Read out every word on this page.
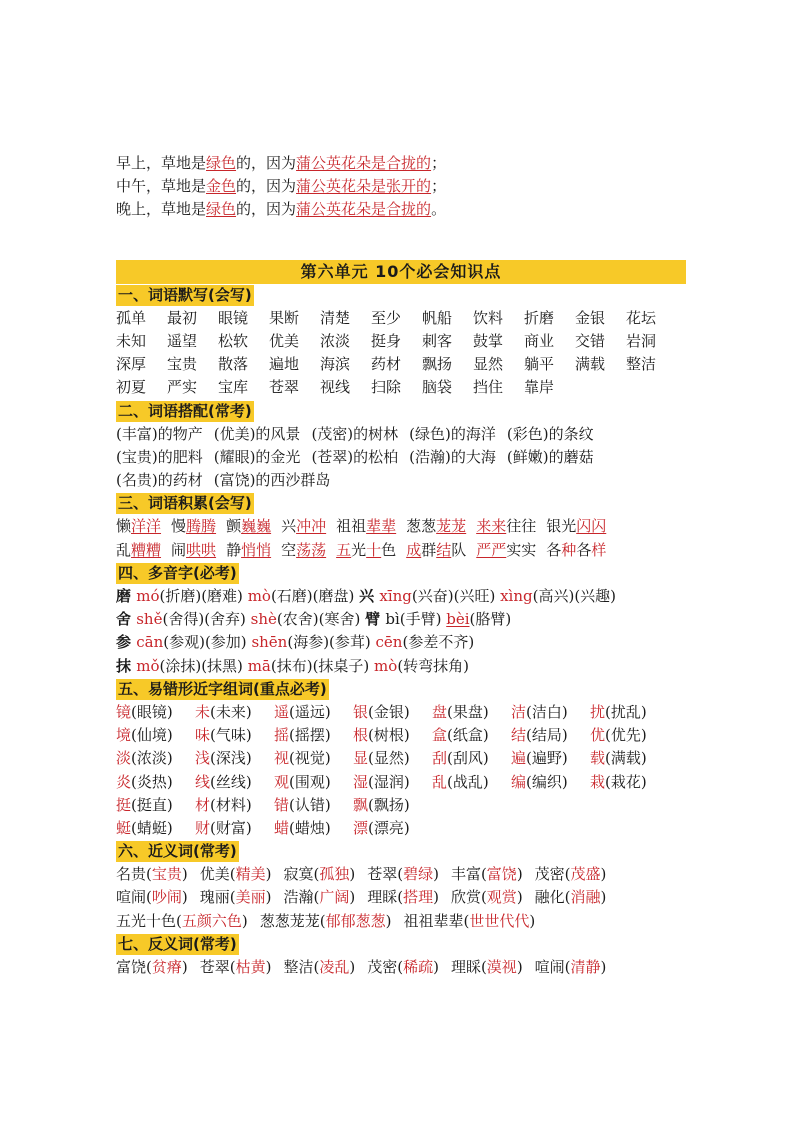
早上，草地是绿色的，因为蒲公英花朵是合拢的；
中午，草地是金色的，因为蒲公英花朵是张开的；
晚上，草地是绿色的，因为蒲公英花朵是合拢的。
第六单元 10个必会知识点
一、词语默写(会写)
孤单	最初	眼镜	果断	清楚	至少	帆船	饮料	折磨	金银	花坛
未知	遥望	松软	优美	浓淡	挺身	刺客	鼓掌	商业	交错	岩洞
深厚	宝贵	散落	遍地	海滨	药材	飘扬	显然	躺平	满载	整洁
初夏	严实	宝库	苍翠	视线	扫除	脑袋	挡住	靠岸
二、词语搭配(常考)
(丰富)的物产 (优美)的风景 (茂密)的树林 (绿色)的海洋 (彩色)的条纹
(宝贵)的肥料 (耀眼)的金光 (苍翠)的松柏 (浩瀚)的大海 (鲜嫩)的蘑菇
(名贵)的药材 (富饶)的西沙群岛
三、词语积累(会写)
懒洋洋 慢腾腾 颤巍巍 兴冲冲 祖祖辈辈 葱葱茏茏 来来往往 银光闪闪
乱糟糟 闹哄哄 静悄悄 空荡荡 五光十色 成群结队 严严实实 各种各样
四、多音字(必考)
磨 mó(折磨)(磨难) mò(石磨)(磨盘) 兴 xīng(兴奋)(兴旺) xìng(高兴)(兴趣)
舍 shě(舍得)(舍弃) shè(农舍)(寒舍) 臂 bì(手臂) bèi(胳臂)
参 cān(参观)(参加) shēn(海参)(参茸) cēn(参差不齐)
抹 mǒ(涂抹)(抹黑) mā(抹布)(抹桌子) mò(转弯抹角)
五、易错形近字组词(重点必考)
镜(眼镜)	未(未来)	遥(遥远)	银(金银)	盘(果盘)	洁(洁白)	扰(扰乱)
境(仙境)	味(气味)	摇(摇摆)	根(树根)	盒(纸盒)	结(结局)	优(优先)
淡(浓淡)	浅(深浅)	视(视觉)	显(显然)	刮(刮风)	遍(遍野)	载(满载)
炎(炎热)	线(丝线)	观(围观)	湿(湿润)	乱(战乱)	编(编织)	栽(栽花)
挺(挺直)	材(材料)	错(认错)	飘(飘扬)
蜓(蜻蜓)	财(财富)	蜡(蜡烛)	漂(漂亮)
六、近义词(常考)
名贵(宝贵) 优美(精美) 寂寞(孤独) 苍翠(碧绿) 丰富(富饶) 茂密(茂盛)
喧闹(吵闹) 瑰丽(美丽) 浩瀚(广阔) 理睬(搭理) 欣赏(观赏) 融化(消融)
五光十色(五颜六色) 葱葱茏茏(郁郁葱葱) 祖祖辈辈(世世代代)
七、反义词(常考)
富饶(贫瘠) 苍翠(枯黄) 整洁(凌乱) 茂密(稀疏) 理睬(漠视) 喧闹(清静)
